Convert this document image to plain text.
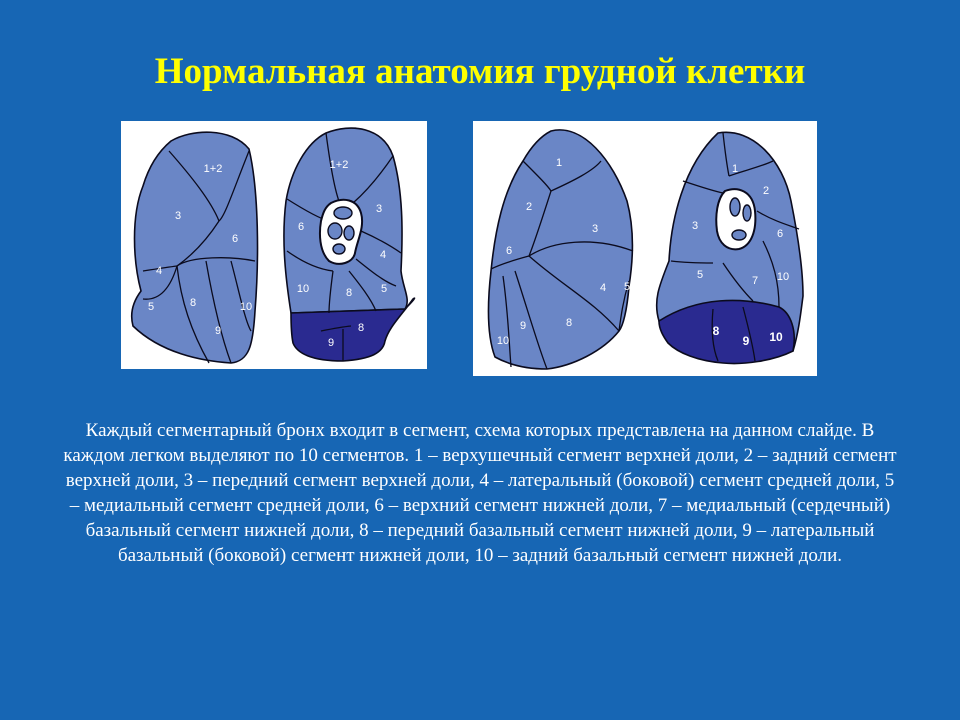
Нормальная анатомия грудной клетки
1+2
3
6
4
5	8
9
10
1+2
6
3
4
10	8	5
8
9
1
2
3
6
4 5
9	8
10
1
2
3
6
5	7 10
8
9 10

Каждый сегментарный бронх входит в сегмент, схема которых представлена на данном слайде. В каждом легком выделяют по 10 сегментов. 1 – верхушечный сегмент верхней доли, 2 – задний сегмент верхней доли, 3 – передний сегмент верхней доли, 4 – латеральный (боковой) сегмент средней доли, 5 – медиальный сегмент средней доли, 6 – верхний сегмент нижней доли, 7 – медиальный (сердечный) базальный сегмент нижней доли, 8 – передний базальный сегмент нижней доли, 9 – латеральный базальный (боковой) сегмент нижней доли, 10 – задний базальный сегмент нижней доли.
